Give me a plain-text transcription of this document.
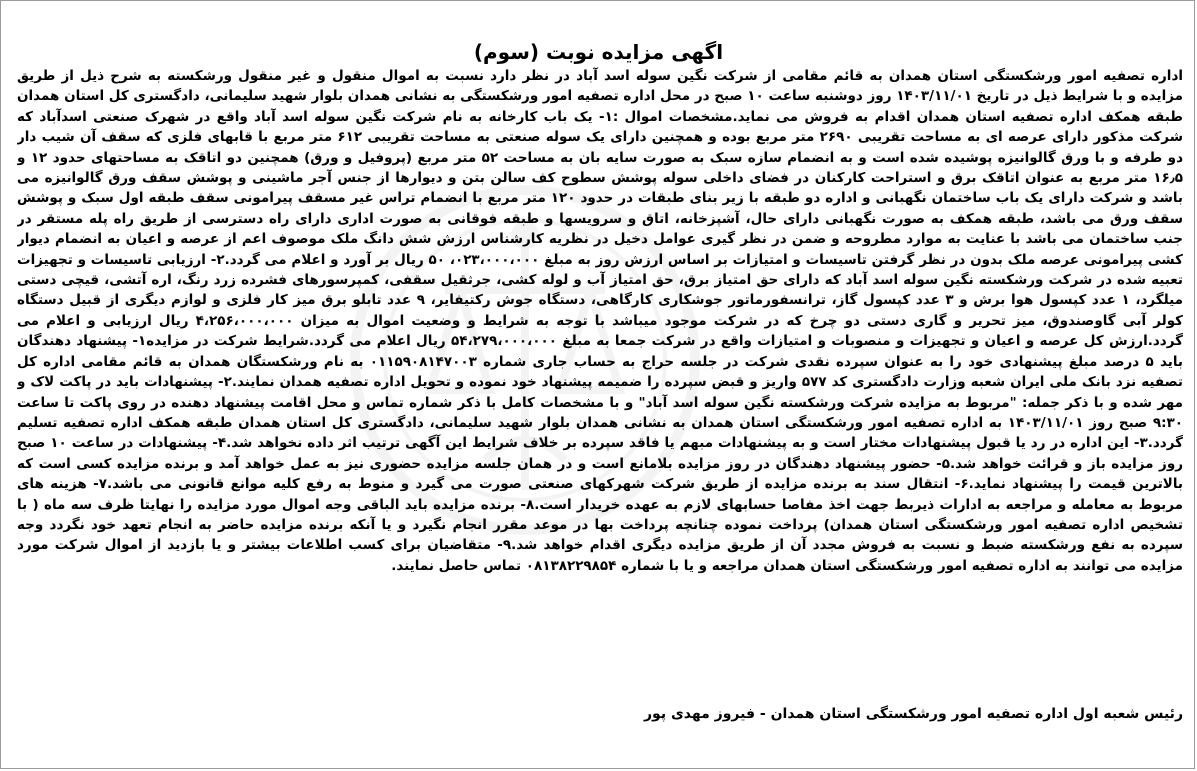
اگهی مزایده نوبت (سوم)

اداره تصفیه امور ورشکستگی استان همدان به قائم مقامی از شرکت نگین سوله اسد آباد در نظر دارد نسبت به اموال منقول و غیر منقول ورشکسته به شرح ذیل از طریق مزایده و با شرایط ذیل در تاریخ ۱۴۰۳/۱۱/۰۱ روز دوشنبه ساعت ۱۰ صبح در محل اداره تصفیه امور ورشکستگی به نشانی همدان بلوار شهید سلیمانی، دادگستری کل استان همدان طبقه همکف اداره تصفیه استان همدان اقدام به فروش می نماید.مشخصات اموال :۱- یک باب کارخانه به نام شرکت نگین سوله اسد آباد واقع در شهرک صنعتی اسدآباد که شرکت مذکور دارای عرصه ای به مساحت تقریبی ۲۶۹۰ متر مربع بوده و همچنین دارای یک سوله صنعتی به مساحت تقریبی ۶۱۲ متر مربع با قابهای فلزی که سقف آن شیب دار دو طرفه و با ورق گالوانیزه پوشیده شده است و به انضمام سازه سبک به صورت سایه بان به مساحت ۵۲ متر مربع (پروفیل و ورق) همچنین دو اتاقک به مساحتهای حدود ۱۲ و ۱۶٫۵ متر مربع به عنوان اتاقک برق و استراحت کارکنان در فضای داخلی سوله پوشش سطوح کف سالن بتن و دیوارها از جنس آجر ماشینی و پوشش سقف ورق گالوانیزه می باشد و شرکت دارای یک باب ساختمان نگهبانی و اداره دو طبقه با زیر بنای طبقات در حدود ۱۲۰ متر مربع با انضمام تراس غیر مسقف پیرامونی سقف طبقه اول سبک و پوشش سقف ورق می باشد، طبقه همکف به صورت نگهبانی دارای حال، آشپزخانه، اتاق و سرویسها و طبقه فوقانی به صورت اداری دارای راه دسترسی از طریق راه پله مستقر در جنب ساختمان می باشد با عنایت به موارد مطروحه و ضمن در نظر گیری عوامل دخیل در نظریه کارشناس ارزش شش دانگ ملک موصوف اعم از عرصه و اعیان به انضمام دیوار کشی پیرامونی عرصه ملک بدون در نظر گرفتن تاسیسات و امتیازات بر اساس ارزش روز به مبلغ ۰۲۳،۰۰۰،۰۰۰، ۵۰ ریال بر آورد و اعلام می گردد.۲- ارزیابی تاسیسات و تجهیزات تعبیه شده در شرکت ورشکسته نگین سوله اسد آباد که دارای حق امتیاز برق، حق امتیاز آب و لوله کشی، جرثقیل سقفی، کمپرسورهای فشرده زرد رنگ، اره آتشی، قیچی دستی میلگرد، ۱ عدد کپسول هوا برش و ۳ عدد کپسول گاز، ترانسفورماتور جوشکاری کارگاهی، دستگاه جوش رکتیفایر، ۹ عدد تابلو برق میز کار فلزی و لوازم دیگری از قبیل دستگاه کولر آبی گاوصندوق، میز تحریر و گاری دستی دو چرخ که در شرکت موجود میباشد با توجه به شرایط و وضعیت اموال به میزان ۴،۲۵۶،۰۰۰،۰۰۰ ریال ارزیابی و اعلام می گردد.ارزش کل عرصه و اعیان و تجهیزات و منصوبات و امتیازات واقع در شرکت جمعا به مبلغ ۵۴،۲۷۹،۰۰۰،۰۰۰ ریال اعلام می گردد.شرایط شرکت در مزایده۱- پیشنهاد دهندگان باید ۵ درصد مبلغ پیشنهادی خود را به عنوان سپرده نقدی شرکت در جلسه حراج به حساب جاری شماره ۰۱۱۵۹۰۸۱۴۷۰۰۳ به نام ورشکستگان همدان به قائم مقامی اداره کل تصفیه نزد بانک ملی ایران شعبه وزارت دادگستری کد ۵۷۷ واریز و قبض سپرده را ضمیمه پیشنهاد خود نموده و تحویل اداره تصفیه همدان نمایند.۲- پیشنهادات باید در پاکت لاک و مهر شده و با ذکر جمله: "مربوط به مزایده شرکت ورشکسته نگین سوله اسد آباد" و با مشخصات کامل با ذکر شماره تماس و محل اقامت پیشنهاد دهنده در روی پاکت تا ساعت ۹:۳۰ صبح روز ۱۴۰۳/۱۱/۰۱ به اداره تصفیه امور ورشکستگی استان همدان به نشانی همدان بلوار شهید سلیمانی، دادگستری کل استان همدان طبقه همکف اداره تصفیه تسلیم گردد.۳- این اداره در رد یا قبول پیشنهادات مختار است و به پیشنهادات مبهم یا فاقد سپرده بر خلاف شرایط این آگهی ترتیب اثر داده نخواهد شد.۴- پیشنهادات در ساعت ۱۰ صبح روز مزایده باز و قرائت خواهد شد.۵- حضور پیشنهاد دهندگان در روز مزایده بلامانع است و در همان جلسه مزایده حضوری نیز به عمل خواهد آمد و برنده مزایده کسی است که بالاترین قیمت را پیشنهاد نماید.۶- انتقال سند به برنده مزایده از طریق شرکت شهرکهای صنعتی صورت می گیرد و منوط به رفع کلیه موانع قانونی می باشد.۷- هزینه های مربوط به معامله و مراجعه به ادارات ذیربط جهت اخذ مفاصا حسابهای لازم به عهده خریدار است.۸- برنده مزایده باید الباقی وجه اموال مورد مزایده را نهایتا ظرف سه ماه ( با تشخیص اداره تصفیه امور ورشکستگی استان همدان) پرداخت نموده چنانچه پرداخت بها در موعد مقرر انجام نگیرد و یا آنکه برنده مزایده حاضر به انجام تعهد خود نگردد وجه سپرده به نفع ورشکسته ضبط و نسبت به فروش مجدد آن از طریق مزایده دیگری اقدام خواهد شد.۹- متقاضیان برای کسب اطلاعات بیشتر و یا بازدید از اموال شرکت مورد مزایده می توانند به اداره تصفیه امور ورشکستگی استان همدان مراجعه و یا با شماره ۰۸۱۳۸۲۲۹۸۵۴ تماس حاصل نمایند.

رئیس شعبه اول اداره تصفیه امور ورشکستگی استان همدان - فیروز مهدی پور
